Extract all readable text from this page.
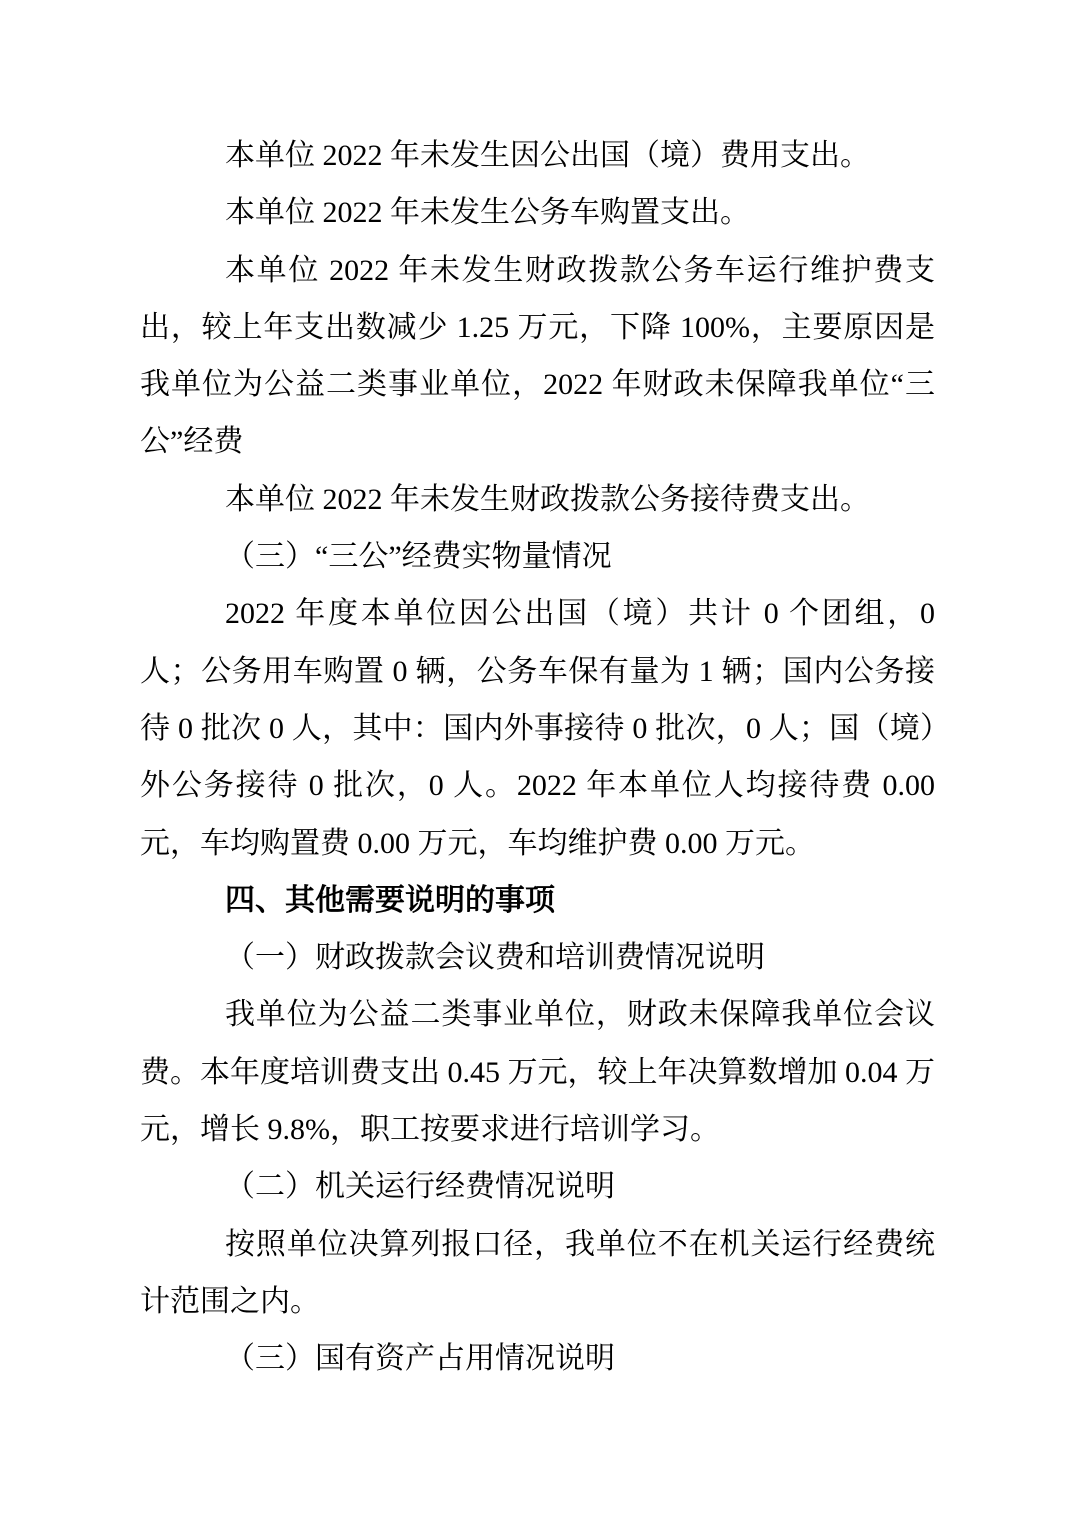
本单位 2022 年未发生因公出国（境）费用支出。

本单位 2022 年未发生公务车购置支出。

本单位 2022 年未发生财政拨款公务车运行维护费支出，较上年支出数减少 1.25 万元，下降 100%，主要原因是我单位为公益二类事业单位，2022 年财政未保障我单位“三公”经费

本单位 2022 年未发生财政拨款公务接待费支出。

（三）“三公”经费实物量情况

2022 年度本单位因公出国（境）共计 0 个团组，0 人；公务用车购置 0 辆，公务车保有量为 1 辆；国内公务接待 0 批次 0 人，其中：国内外事接待 0 批次，0 人；国（境）外公务接待 0 批次，0 人。2022 年本单位人均接待费 0.00 元，车均购置费 0.00 万元，车均维护费 0.00 万元。

四、其他需要说明的事项

（一）财政拨款会议费和培训费情况说明

我单位为公益二类事业单位，财政未保障我单位会议费。本年度培训费支出 0.45 万元，较上年决算数增加 0.04 万元，增长 9.8%，职工按要求进行培训学习。

（二）机关运行经费情况说明

按照单位决算列报口径，我单位不在机关运行经费统计范围之内。

（三）国有资产占用情况说明
